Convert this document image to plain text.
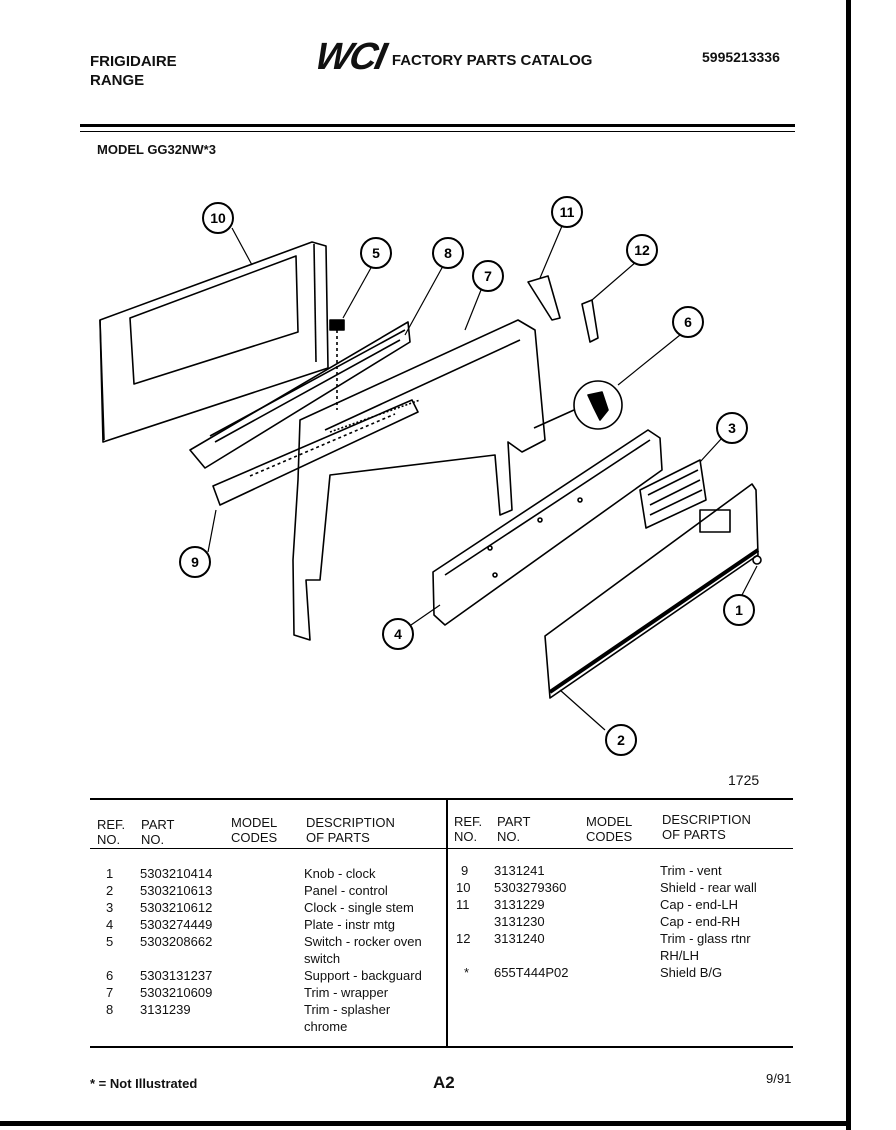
FRIGIDAIRE
RANGE
WCI FACTORY PARTS CATALOG	5995213336
MODEL GG32NW*3
10
5	8
7
11
12
6
3
9
4
1
2
1725
REF.
NO.
PART
NO.
MODEL
CODES
DESCRIPTION
OF PARTS
REF.
NO.
PART
NO.
MODEL
CODES
DESCRIPTION
OF PARTS
1 5303210414	Knob - clock
2 5303210613	Panel - control
3 5303210612	Clock - single stem
4 5303274449	Plate - instr mtg
5 5303208662	Switch - rocker oven
switch
6 5303131237	Support - backguard
7 5303210609	Trim - wrapper
8 3131239	Trim - splasher
chrome
9 3131241	Trim - vent
10 5303279360	Shield - rear wall
11 3131229	Cap - end-LH
3131230	Cap - end-RH
12 3131240	Trim - glass rtnr
RH/LH
* 655T444P02	Shield B/G
* = Not Illustrated	A2	9/91
